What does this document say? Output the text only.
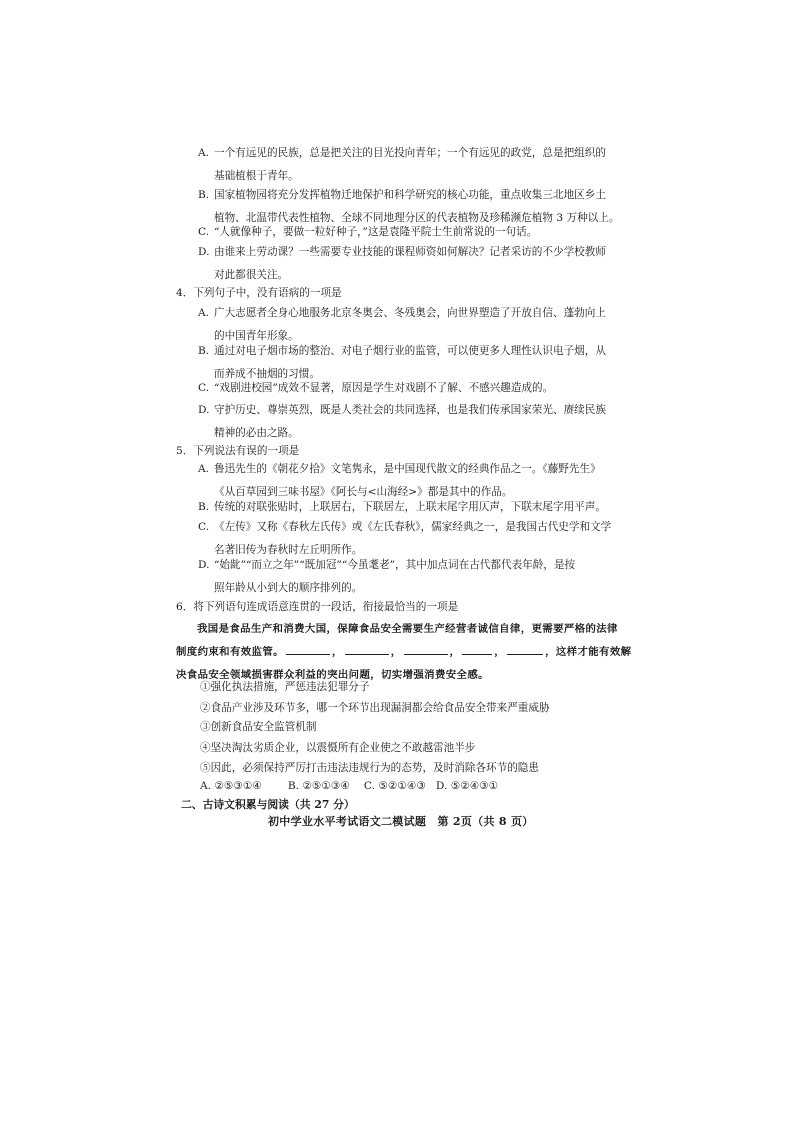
A. 一个有远见的民族，总是把关注的目光投向青年；一个有远见的政党，总是把组织的
基础植根于青年。
B. 国家植物园将充分发挥植物迁地保护和科学研究的核心功能，重点收集三北地区乡土
植物、北温带代表性植物、全球不同地理分区的代表植物及珍稀濒危植物 3 万种以上。
C. “人就像种子，要做一粒好种子，”这是袁隆平院士生前常说的一句话。
D. 由谁来上劳动课？一些需要专业技能的课程师资如何解决？记者采访的不少学校教师
对此都很关注。
4．下列句子中，没有语病的一项是
A. 广大志愿者全身心地服务北京冬奥会、冬残奥会，向世界塑造了开放自信、蓬勃向上
的中国青年形象。
B. 通过对电子烟市场的整治、对电子烟行业的监管，可以使更多人理性认识电子烟，从
而养成不抽烟的习惯。
C. “戏剧进校园”成效不显著，原因是学生对戏剧不了解、不感兴趣造成的。
D. 守护历史、尊崇英烈，既是人类社会的共同选择，也是我们传承国家荣光、赓续民族
精神的必由之路。
5．下列说法有误的一项是
A. 鲁迅先生的《朝花夕拾》文笔隽永，是中国现代散文的经典作品之一。《藤野先生》
《从百草园到三味书屋》《阿长与<山海经>》都是其中的作品。
B. 传统的对联张贴时，上联居右，下联居左，上联末尾字用仄声，下联末尾字用平声。
C. 《左传》又称《春秋左氏传》或《左氏春秋》，儒家经典之一，是我国古代史学和文学
名著旧传为春秋时左丘明所作。
D. “始龀”“而立之年”“既加冠”“今虽耄老”，其中加点词在古代都代表年龄，是按
照年龄从小到大的顺序排列的。
6．将下列语句连成语意连贯的一段话，衔接最恰当的一项是
我国是食品生产和消费大国，保障食品安全需要生产经营者诚信自律，更需要严格的法律
制度约束和有效监管。	，	，	，	，	，这样才能有效解
决食品安全领域损害群众利益的突出问题，切实增强消费安全感。
①强化执法措施，严惩违法犯罪分子
②食品产业涉及环节多，哪一个环节出现漏洞都会给食品安全带来严重威胁
③创新食品安全监管机制
④坚决淘汰劣质企业，以震慑所有企业使之不敢越雷池半步
⑤因此，必须保持严厉打击违法违规行为的态势，及时消除各环节的隐患
A. ②⑤③①④ B. ②⑤①③④ C. ⑤②①④③ D. ⑤②④③①
二、古诗文积累与阅读（共 27 分）
初中学业水平考试语文二模试题　第 2页（共 8 页）
